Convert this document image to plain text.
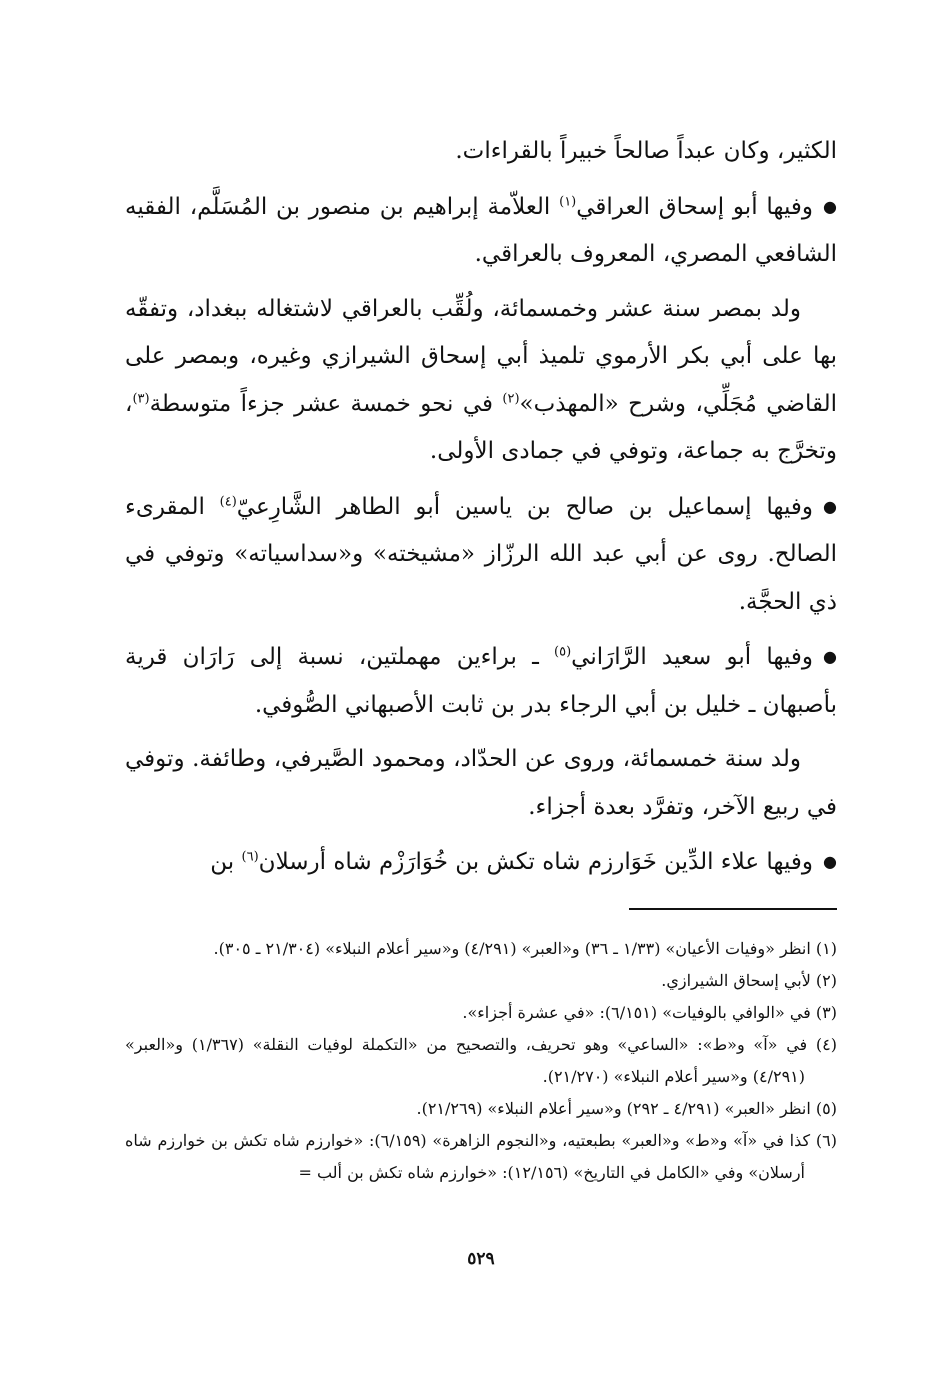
الكثير، وكان عبداً صالحاً خبيراً بالقراءات.

●وفيها أبو إسحاق العراقي$^{(١)}$ العلاّمة إبراهيم بن منصور بن المُسَلَّم، الفقيه الشافعي المصري، المعروف بالعراقي.

ولد بمصر سنة عشر وخمسمائة، ولُقِّب بالعراقي لاشتغاله ببغداد، وتفقّه بها على أبي بكر الأرموي تلميذ أبي إسحاق الشيرازي وغيره، وبمصر على القاضي مُجَلِّي، وشرح «المهذب»$^{(٢)}$ في نحو خمسة عشر جزءاً متوسطة$^{(٣)}$، وتخرَّج به جماعة، وتوفي في جمادى الأولى.

●وفيها إسماعيل بن صالح بن ياسين أبو الطاهر الشَّارِعيّ$^{(٤)}$ المقرىء الصالح. روى عن أبي عبد الله الرزّاز «مشيخته» و«سداسياته» وتوفي في ذي الحجَّة.

●وفيها أبو سعيد الرَّارَاني$^{(٥)}$ ـ براءين مهملتين، نسبة إلى رَارَان قرية بأصبهان ـ خليل بن أبي الرجاء بدر بن ثابت الأصبهاني الصُّوفي.

ولد سنة خمسمائة، وروى عن الحدّاد، ومحمود الصَّيرفي، وطائفة. وتوفي في ربيع الآخر، وتفرَّد بعدة أجزاء.

●وفيها علاء الدِّين خَوَارزم شاه تكش بن خُوَارَزْم شاه أرسلان$^{(٦)}$ بن

(١) انظر «وفيات الأعيان» (١/٣٣ ـ ٣٦) و«العبر» (٤/٢٩١) و«سير أعلام النبلاء» (٢١/٣٠٤ ـ ٣٠٥).

(٢) لأبي إسحاق الشيرازي.

(٣) في «الوافي بالوفيات» (٦/١٥١): «في عشرة أجزاء».

(٤) في «آ» و«ط»: «الساعي» وهو تحريف، والتصحيح من «التكملة لوفيات النقلة» (١/٣٦٧) و«العبر» (٤/٢٩١) و«سير أعلام النبلاء» (٢١/٢٧٠).

(٥) انظر «العبر» (٤/٢٩١ ـ ٢٩٢) و«سير أعلام النبلاء» (٢١/٢٦٩).

(٦) كذا في «آ» و«ط» و«العبر» بطبعتيه، و«النجوم الزاهرة» (٦/١٥٩): «خوارزم شاه تكش بن خوارزم شاه أرسلان» وفي «الكامل في التاريخ» (١٢/١٥٦): «خوارزم شاه تكش بن ألب =

٥٢٩
